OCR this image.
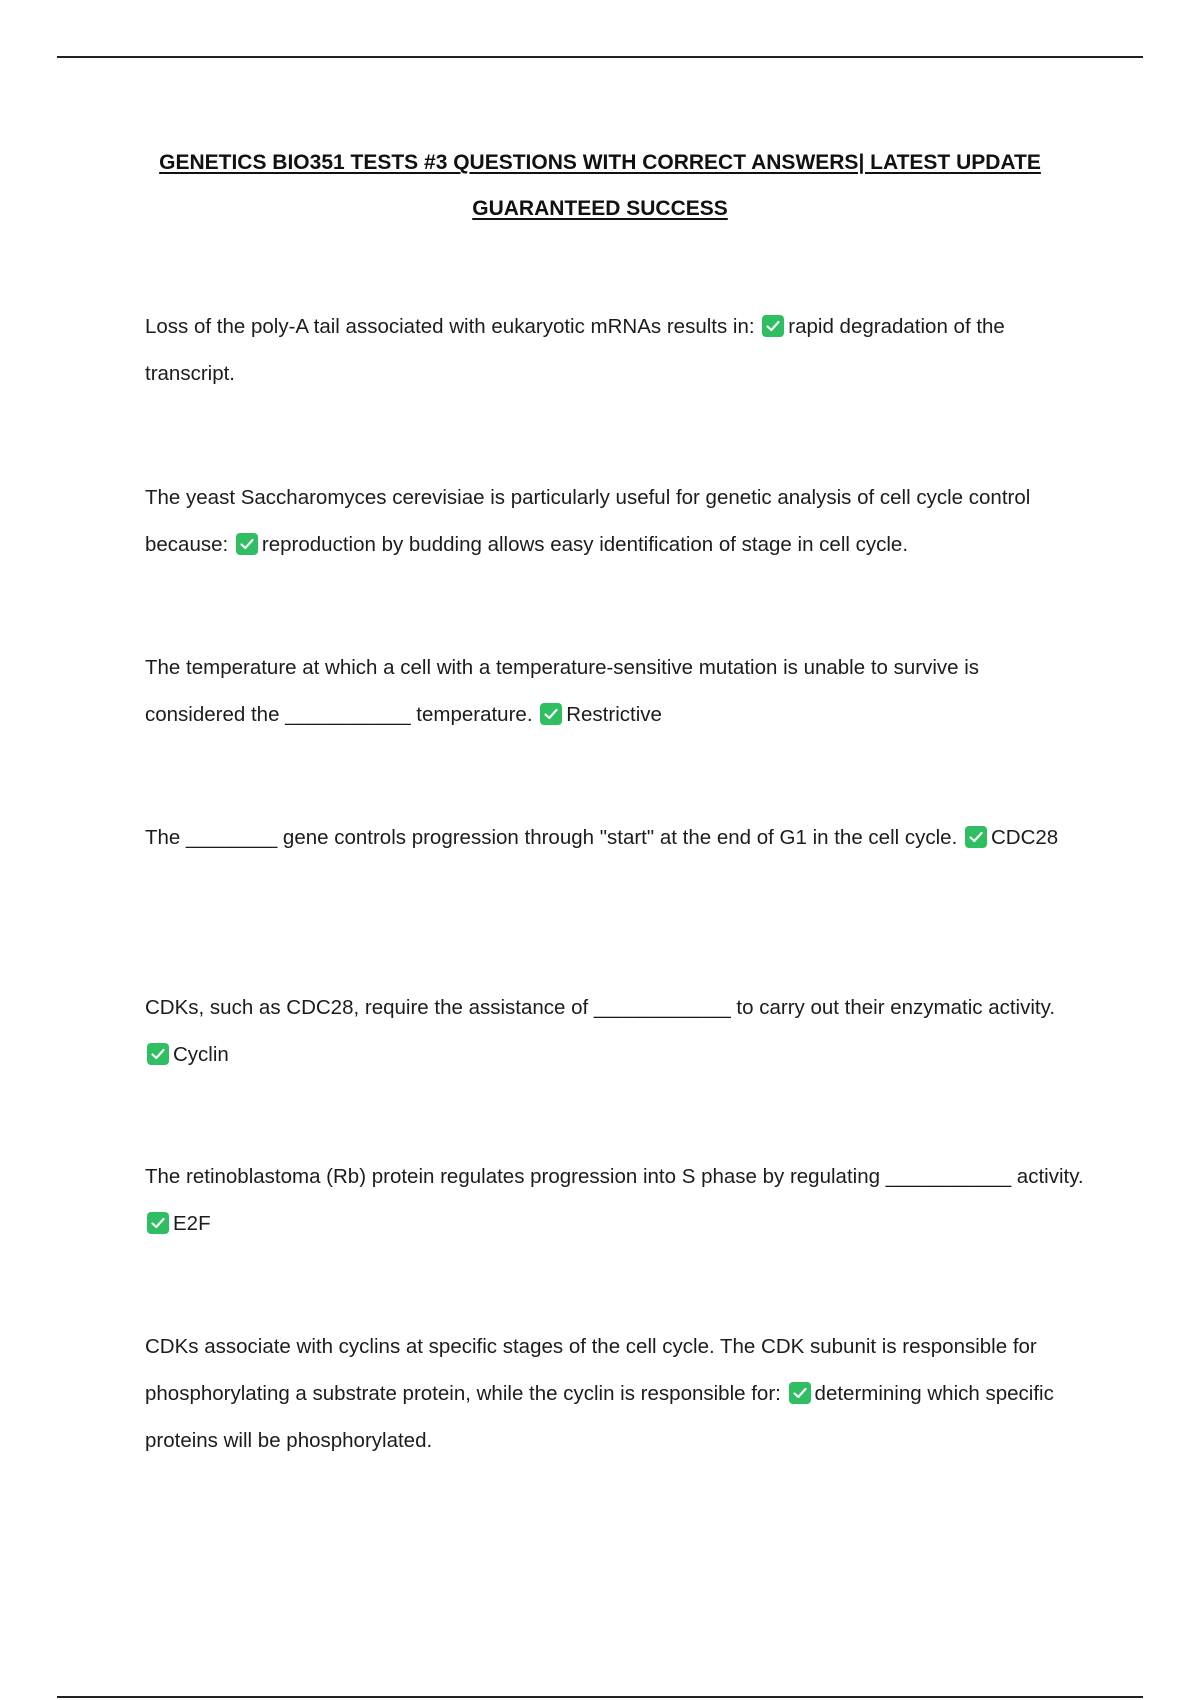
GENETICS BIO351 TESTS #3 QUESTIONS WITH CORRECT ANSWERS| LATEST UPDATE
GUARANTEED SUCCESS
Loss of the poly-A tail associated with eukaryotic mRNAs results in: rapid degradation of the transcript.
The yeast Saccharomyces cerevisiae is particularly useful for genetic analysis of cell cycle control because: reproduction by budding allows easy identification of stage in cell cycle.
The temperature at which a cell with a temperature-sensitive mutation is unable to survive is considered the ___________ temperature. Restrictive
The ________ gene controls progression through "start" at the end of G1 in the cell cycle. CDC28
CDKs, such as CDC28, require the assistance of ____________ to carry out their enzymatic activity.
Cyclin
The retinoblastoma (Rb) protein regulates progression into S phase by regulating ___________ activity.
E2F
CDKs associate with cyclins at specific stages of the cell cycle. The CDK subunit is responsible for phosphorylating a substrate protein, while the cyclin is responsible for: determining which specific proteins will be phosphorylated.
